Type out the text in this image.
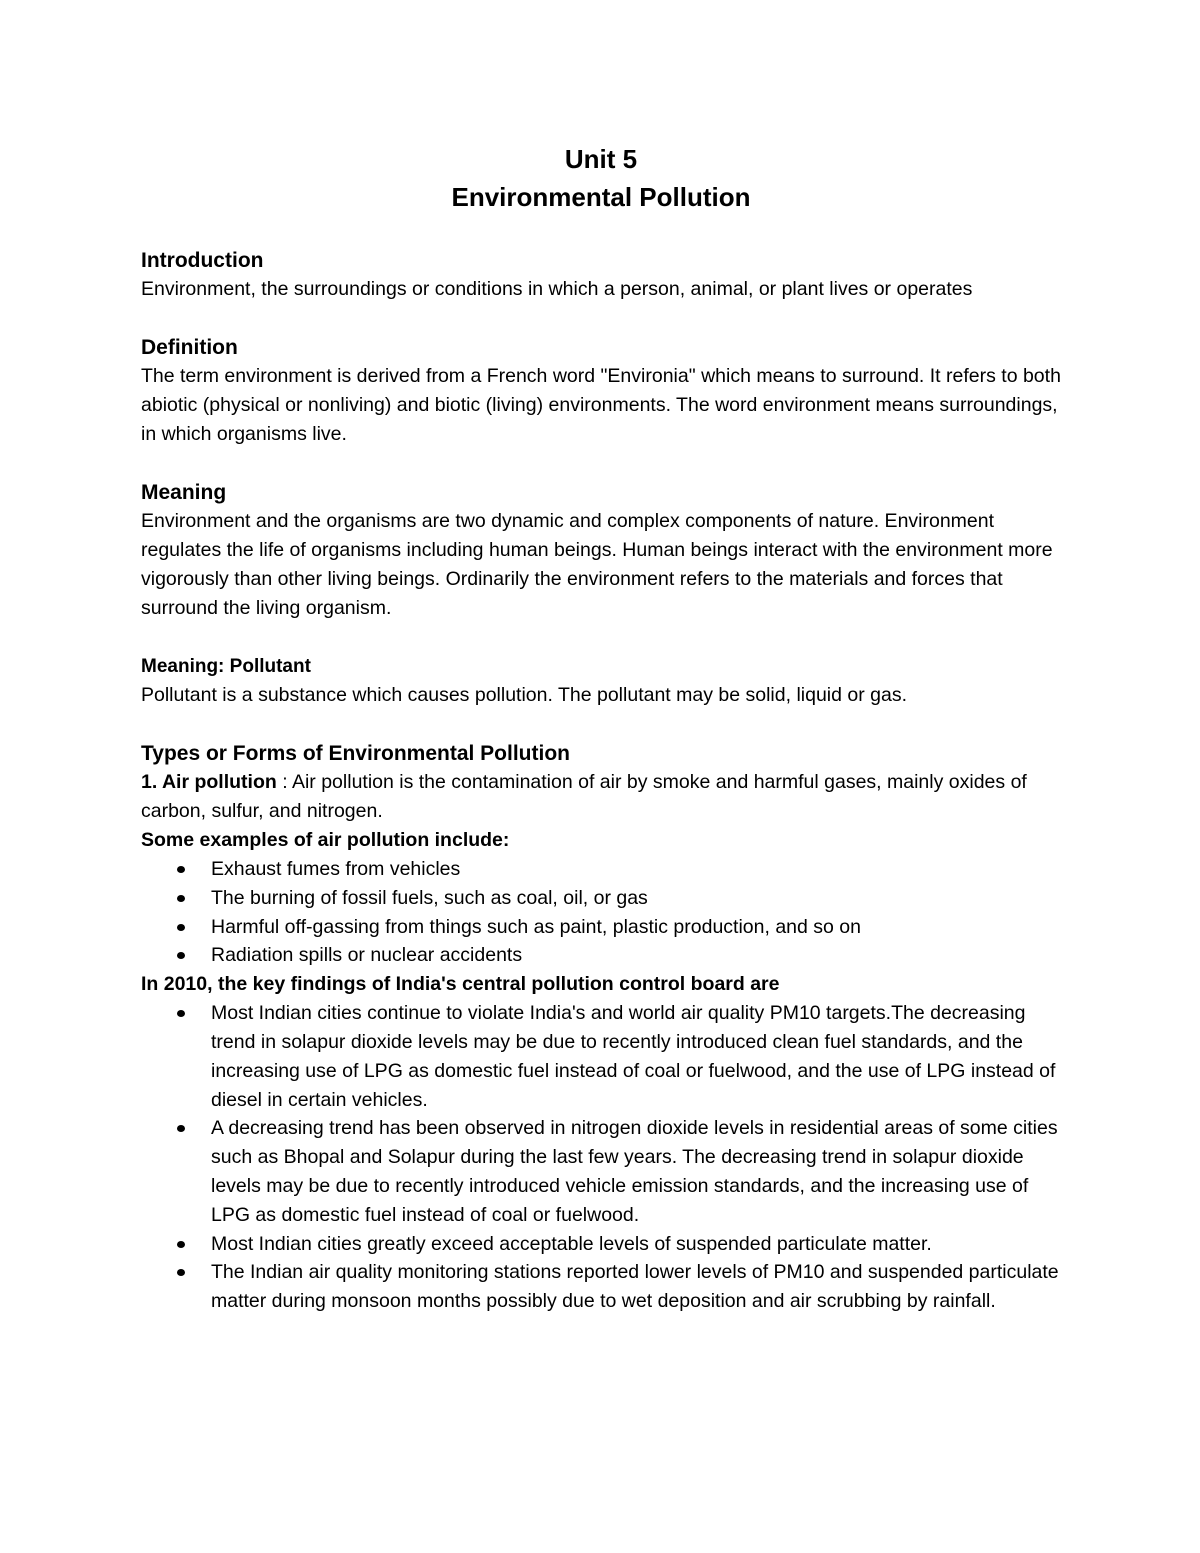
Unit 5
Environmental Pollution
Introduction

Environment, the surroundings or conditions in which a person, animal, or plant lives or operates

Definition

The term environment is derived from a French word "Environia" which means to surround. It refers to both abiotic (physical or nonliving) and biotic (living) environments. The word environment means surroundings, in which organisms live.

Meaning

Environment and the organisms are two dynamic and complex components of nature. Environment regulates the life of organisms including human beings. Human beings interact with the environment more vigorously than other living beings. Ordinarily the environment refers to the materials and forces that surround the living organism.

Meaning: Pollutant

Pollutant is a substance which causes pollution. The pollutant may be solid, liquid or gas.

Types or Forms of Environmental Pollution

1. Air pollution : Air pollution is the contamination of air by smoke and harmful gases, mainly oxides of carbon, sulfur, and nitrogen.

Some examples of air pollution include:

Exhaust fumes from vehicles
The burning of fossil fuels, such as coal, oil, or gas
Harmful off-gassing from things such as paint, plastic production, and so on
Radiation spills or nuclear accidents

In 2010, the key findings of India's central pollution control board are

Most Indian cities continue to violate India's and world air quality PM10 targets.The decreasing trend in solapur dioxide levels may be due to recently introduced clean fuel standards, and the increasing use of LPG as domestic fuel instead of coal or fuelwood, and the use of LPG instead of diesel in certain vehicles.
A decreasing trend has been observed in nitrogen dioxide levels in residential areas of some cities such as Bhopal and Solapur during the last few years. The decreasing trend in solapur dioxide levels may be due to recently introduced vehicle emission standards, and the increasing use of LPG as domestic fuel instead of coal or fuelwood.
Most Indian cities greatly exceed acceptable levels of suspended particulate matter.
The Indian air quality monitoring stations reported lower levels of PM10 and suspended particulate matter during monsoon months possibly due to wet deposition and air scrubbing by rainfall.
